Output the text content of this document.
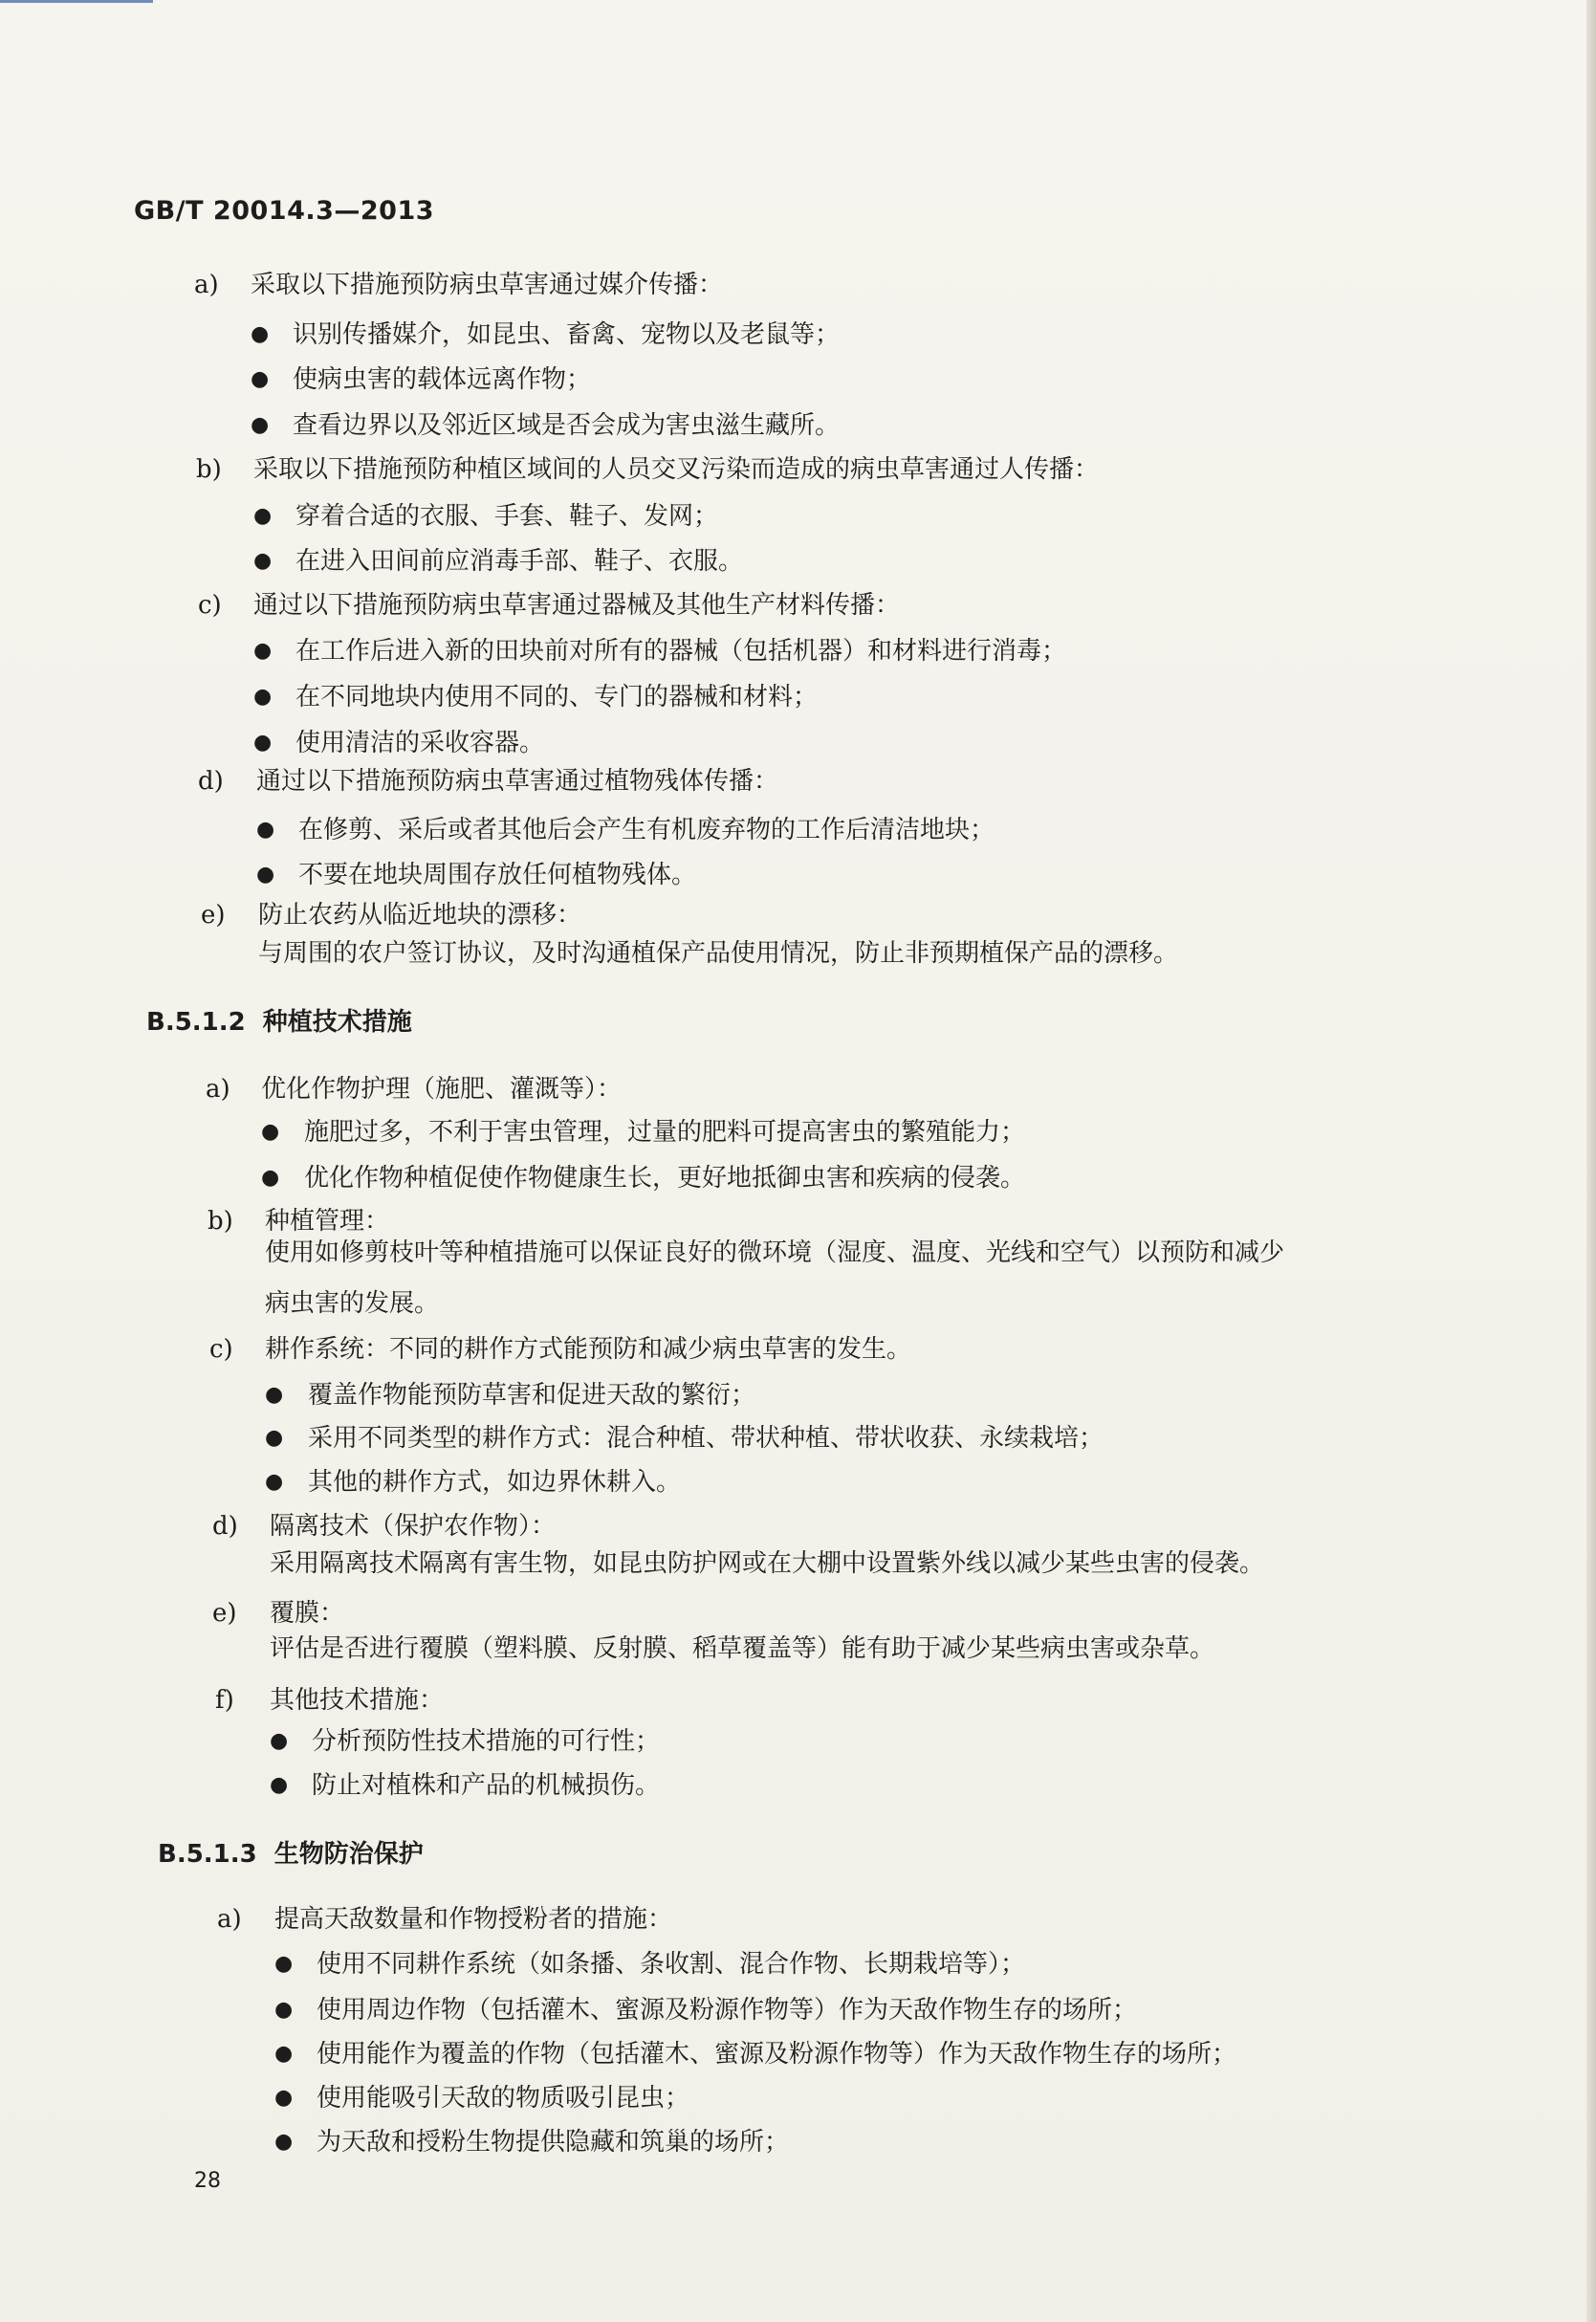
GB/T 20014.3—2013
a) 采取以下措施预防病虫草害通过媒介传播：
● 识别传播媒介，如昆虫、畜禽、宠物以及老鼠等；
● 使病虫害的载体远离作物；
● 查看边界以及邻近区域是否会成为害虫滋生藏所。
b) 采取以下措施预防种植区域间的人员交叉污染而造成的病虫草害通过人传播：
● 穿着合适的衣服、手套、鞋子、发网；
● 在进入田间前应消毒手部、鞋子、衣服。
c) 通过以下措施预防病虫草害通过器械及其他生产材料传播：
● 在工作后进入新的田块前对所有的器械（包括机器）和材料进行消毒；
● 在不同地块内使用不同的、专门的器械和材料；
● 使用清洁的采收容器。
d) 通过以下措施预防病虫草害通过植物残体传播：
● 在修剪、采后或者其他后会产生有机废弃物的工作后清洁地块；
● 不要在地块周围存放任何植物残体。
e) 防止农药从临近地块的漂移：
与周围的农户签订协议，及时沟通植保产品使用情况，防止非预期植保产品的漂移。
B.5.1.2 种植技术措施
a) 优化作物护理（施肥、灌溉等）：
● 施肥过多，不利于害虫管理，过量的肥料可提高害虫的繁殖能力；
● 优化作物种植促使作物健康生长，更好地抵御虫害和疾病的侵袭。
b) 种植管理：
使用如修剪枝叶等种植措施可以保证良好的微环境（湿度、温度、光线和空气）以预防和减少
病虫害的发展。
c) 耕作系统：不同的耕作方式能预防和减少病虫草害的发生。
● 覆盖作物能预防草害和促进天敌的繁衍；
● 采用不同类型的耕作方式：混合种植、带状种植、带状收获、永续栽培；
● 其他的耕作方式，如边界休耕入。
d) 隔离技术（保护农作物）：
采用隔离技术隔离有害生物，如昆虫防护网或在大棚中设置紫外线以减少某些虫害的侵袭。
e) 覆膜：
评估是否进行覆膜（塑料膜、反射膜、稻草覆盖等）能有助于减少某些病虫害或杂草。
f) 其他技术措施：
● 分析预防性技术措施的可行性；
● 防止对植株和产品的机械损伤。
B.5.1.3 生物防治保护
a) 提高天敌数量和作物授粉者的措施：
● 使用不同耕作系统（如条播、条收割、混合作物、长期栽培等）；
● 使用周边作物（包括灌木、蜜源及粉源作物等）作为天敌作物生存的场所；
● 使用能作为覆盖的作物（包括灌木、蜜源及粉源作物等）作为天敌作物生存的场所；
● 使用能吸引天敌的物质吸引昆虫；
● 为天敌和授粉生物提供隐藏和筑巢的场所；
28
